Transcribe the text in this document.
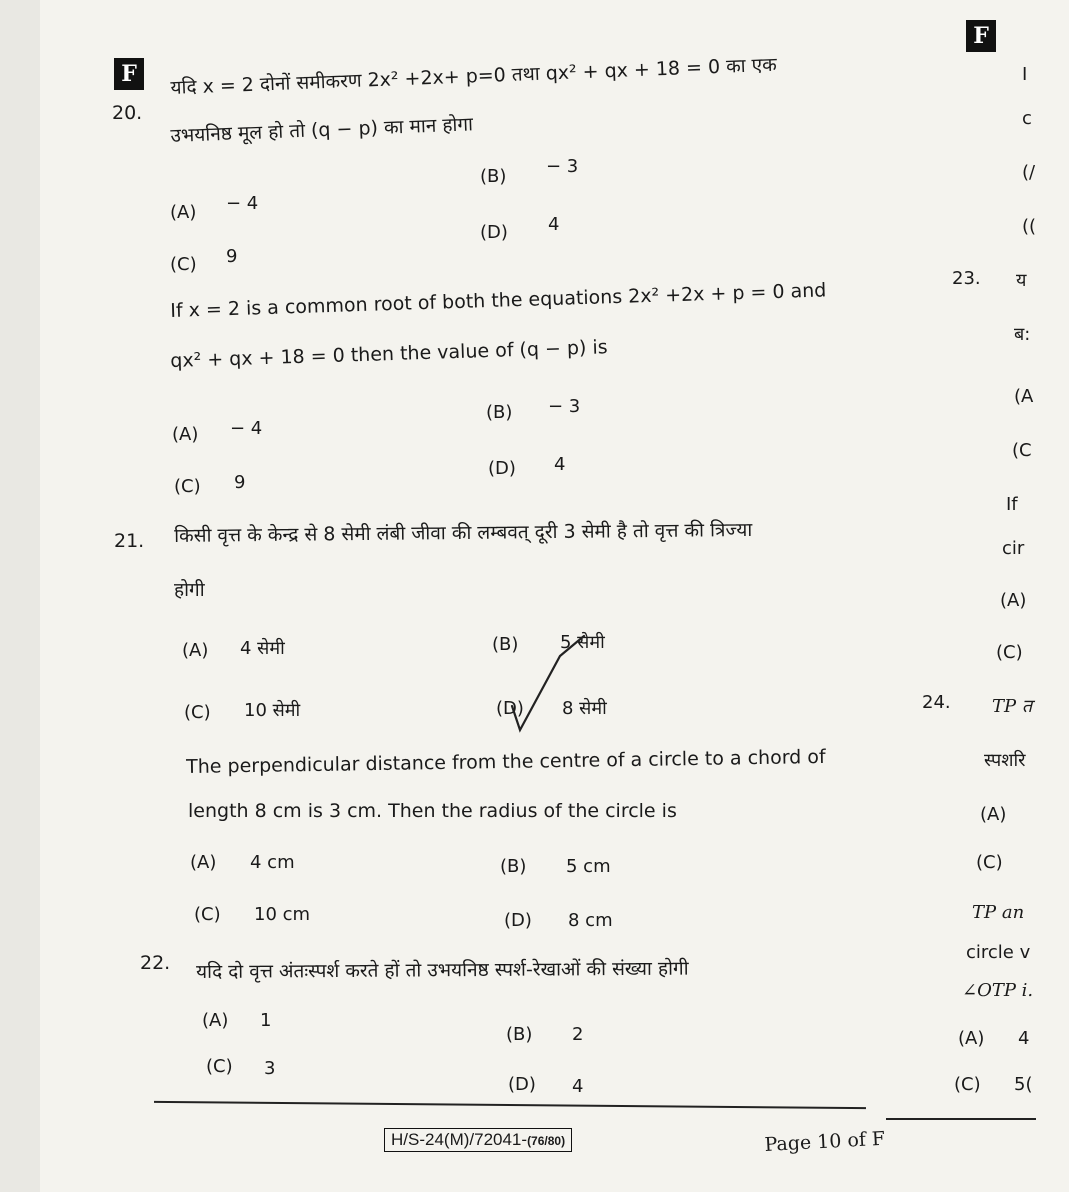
F
F
20.
यदि x = 2 दोनों समीकरण 2x² +2x+ p=0 तथा qx² + qx + 18 = 0 का एक
उभयनिष्ठ मूल हो तो (q − p) का मान होगा
(A) − 4
(B) − 3
(C) 9
(D) 4
If x = 2 is a common root of both the equations 2x² +2x + p = 0 and
qx² + qx + 18 = 0 then the value of (q − p) is
(A) − 4
(B) − 3
(C) 9
(D) 4
21. किसी वृत्त के केन्द्र से 8 सेमी लंबी जीवा की लम्बवत् दूरी 3 सेमी है तो वृत्त की त्रिज्या
होगी
(A) 4 सेमी	(B) 5 सेमी
(C) 10 सेमी	(D) 8 सेमी
The perpendicular distance from the centre of a circle to a chord of
length 8 cm is 3 cm. Then the radius of the circle is
(A) 4 cm	(B) 5 cm
(C) 10 cm	(D) 8 cm
22. यदि दो वृत्त अंतःस्पर्श करते हों तो उभयनिष्ठ स्पर्श-रेखाओं की संख्या होगी
(A) 1
(B) 2
(C) 3
(D) 4
I
c
(/
((
23. य
ब:
(A
(C
If
cir
(A)
(C)
24. TP त
स्पशरि
(A)
(C)
TP an
circle v
∠OTP i.
(A) 4
(C) 5(
H/S-24(M)/72041-(76/80)	Page 10 of F
